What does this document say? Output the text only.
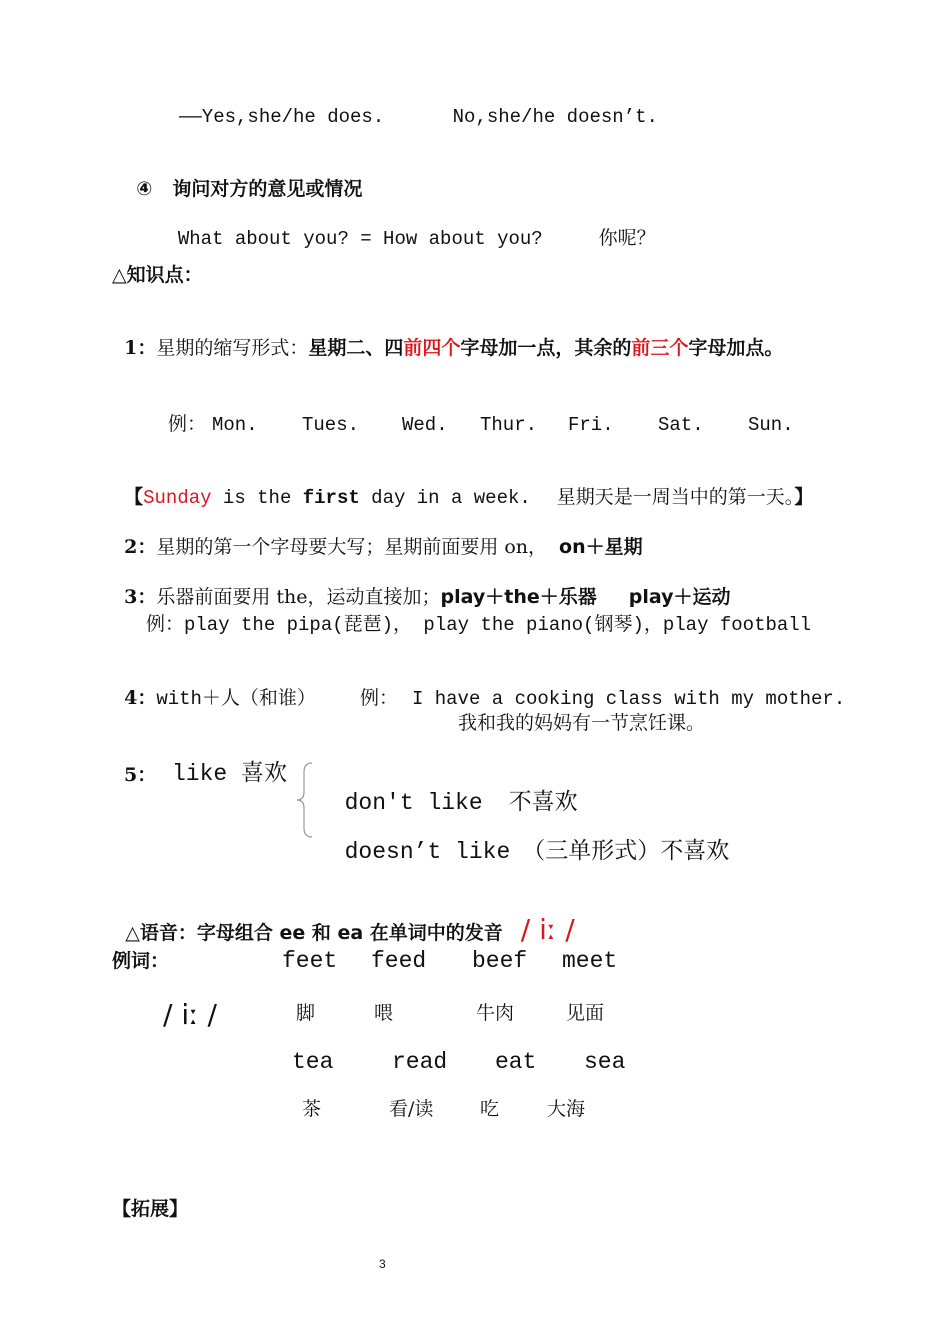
——Yes,she/he does.      No,she/he doesn’t.

④ 询问对方的意见或情况

What about you? = How about you?	你呢？

△知识点：

1：星期的缩写形式：星期二、四前四个字母加一点，其余的前三个字母加点。

例：

Mon.

Tues.

Wed.

Thur.

Fri.

Sat.

Sun.

【Sunday is the first day in a week. 星期天是一周当中的第一天。】

2：星期的第一个字母要大写；星期前面要用 on， on＋星期

3：乐器前面要用 the，运动直接加；play＋the＋乐器 play＋运动

例：play the pipa(琵琶)， play the piano(钢琴)，play football

4：with＋人（和谁） 例： I have a cooking class with my mother.

我和我的妈妈有一节烹饪课。
5： like 喜欢

don't like 不喜欢

doesn’t like （三单形式）不喜欢

△语音：字母组合 ee 和 ea 在单词中的发音 / iː /

例词：	feet feed beef meet
/ iː /	脚	喂	牛肉	见面
tea	read eat sea
茶	看/读 吃	大海
【拓展】
3
